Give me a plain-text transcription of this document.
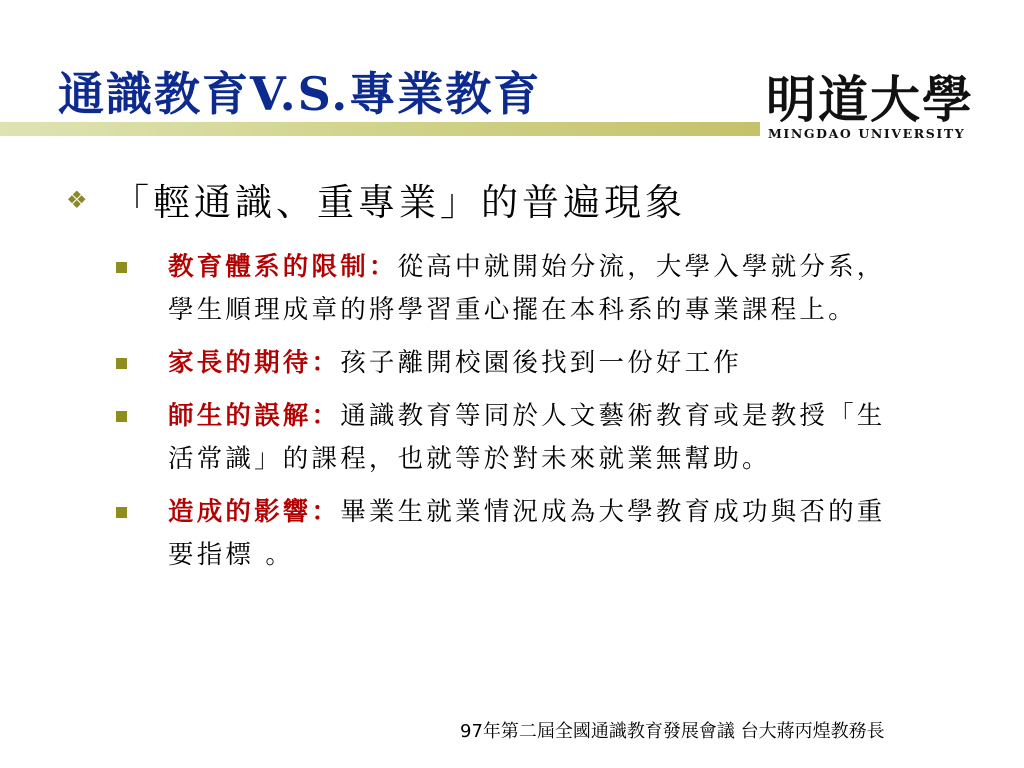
通識教育V.S.專業教育	明道大學
MINGDAO UNIVERSITY
❖ 「輕通識、重專業」的普遍現象
教育體系的限制：從高中就開始分流，大學入學就分系，學生順理成章的將學習重心擺在本科系的專業課程上。
家長的期待：孩子離開校園後找到一份好工作
師生的誤解：通識教育等同於人文藝術教育或是教授「生活常識」的課程，也就等於對未來就業無幫助。
造成的影響：畢業生就業情況成為大學教育成功與否的重要指標 。
97年第二屆全國通識教育發展會議 台大蔣丙煌教務長
